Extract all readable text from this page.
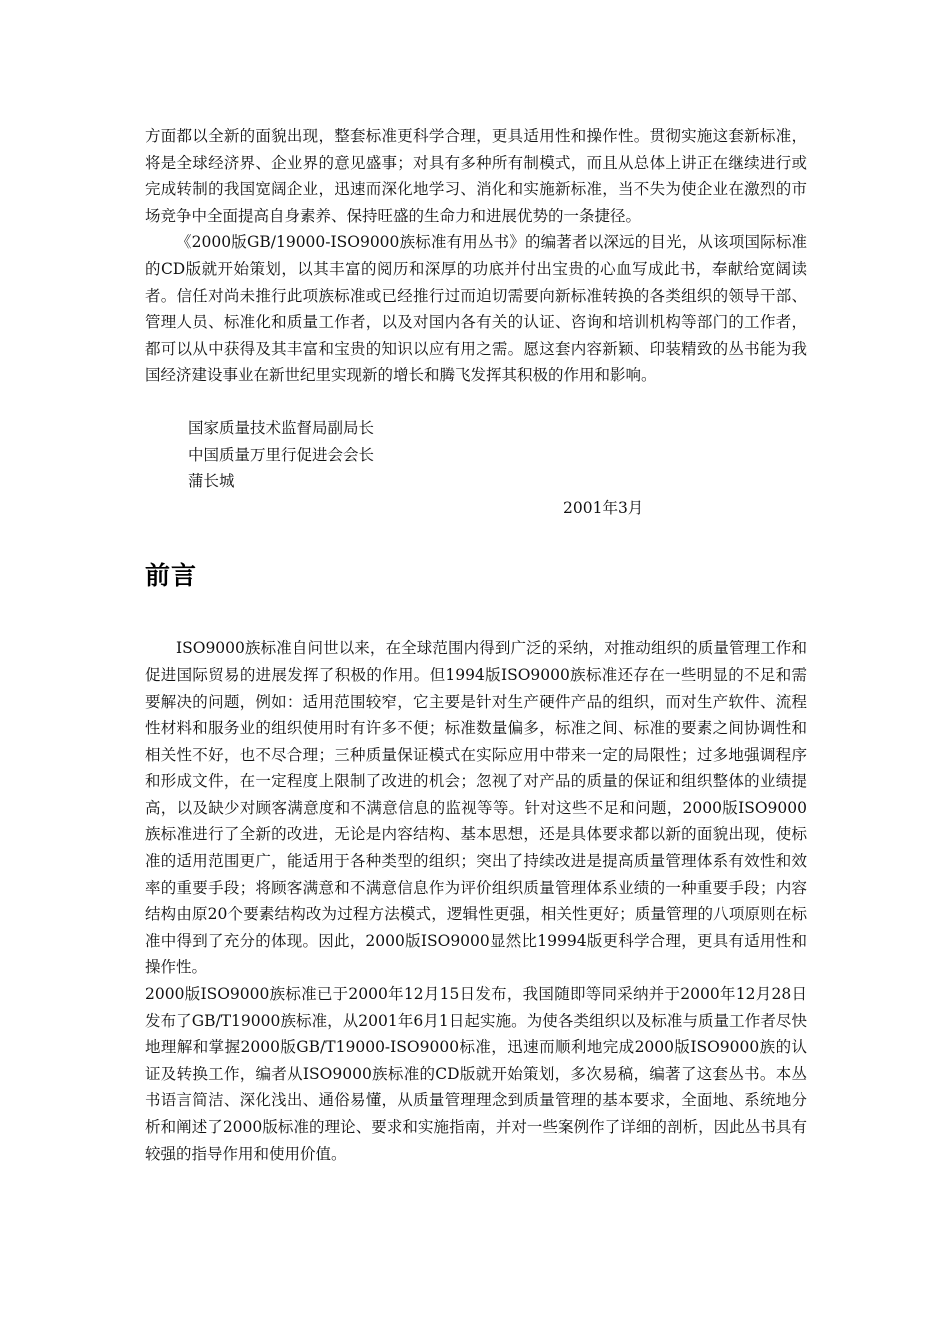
方面都以全新的面貌出现，整套标准更科学合理，更具适用性和操作性。贯彻实施这套新标准，将是全球经济界、企业界的意见盛事；对具有多种所有制模式，而且从总体上讲正在继续进行或完成转制的我国宽阔企业，迅速而深化地学习、消化和实施新标准，当不失为使企业在激烈的市场竞争中全面提高自身素养、保持旺盛的生命力和进展优势的一条捷径。

《2000版GB/19000-ISO9000族标准有用丛书》的编著者以深远的目光，从该项国际标准的CD版就开始策划，以其丰富的阅历和深厚的功底并付出宝贵的心血写成此书，奉献给宽阔读者。信任对尚未推行此项族标准或已经推行过而迫切需要向新标准转换的各类组织的领导干部、管理人员、标准化和质量工作者，以及对国内各有关的认证、咨询和培训机构等部门的工作者，都可以从中获得及其丰富和宝贵的知识以应有用之需。愿这套内容新颖、印装精致的丛书能为我国经济建设事业在新世纪里实现新的增长和腾飞发挥其积极的作用和影响。

国家质量技术监督局副局长
中国质量万里行促进会会长
蒲长城
2001年3月
前言

ISO9000族标准自问世以来，在全球范围内得到广泛的采纳，对推动组织的质量管理工作和促进国际贸易的进展发挥了积极的作用。但1994版ISO9000族标准还存在一些明显的不足和需要解决的问题，例如：适用范围较窄，它主要是针对生产硬件产品的组织，而对生产软件、流程性材料和服务业的组织使用时有许多不便；标准数量偏多，标准之间、标准的要素之间协调性和相关性不好，也不尽合理；三种质量保证模式在实际应用中带来一定的局限性；过多地强调程序和形成文件，在一定程度上限制了改进的机会；忽视了对产品的质量的保证和组织整体的业绩提高，以及缺少对顾客满意度和不满意信息的监视等等。针对这些不足和问题，2000版ISO9000族标准进行了全新的改进，无论是内容结构、基本思想，还是具体要求都以新的面貌出现，使标准的适用范围更广，能适用于各种类型的组织；突出了持续改进是提高质量管理体系有效性和效率的重要手段；将顾客满意和不满意信息作为评价组织质量管理体系业绩的一种重要手段；内容结构由原20个要素结构改为过程方法模式，逻辑性更强，相关性更好；质量管理的八项原则在标准中得到了充分的体现。因此，2000版ISO9000显然比19994版更科学合理，更具有适用性和操作性。

2000版ISO9000族标准已于2000年12月15日发布，我国随即等同采纳并于2000年12月28日发布了GB/T19000族标准，从2001年6月1日起实施。为使各类组织以及标准与质量工作者尽快地理解和掌握2000版GB/T19000-ISO9000标准，迅速而顺利地完成2000版ISO9000族的认证及转换工作，编者从ISO9000族标准的CD版就开始策划，多次易稿，编著了这套丛书。本丛书语言简洁、深化浅出、通俗易懂，从质量管理理念到质量管理的基本要求，全面地、系统地分析和阐述了2000版标准的理论、要求和实施指南，并对一些案例作了详细的剖析，因此丛书具有较强的指导作用和使用价值。
